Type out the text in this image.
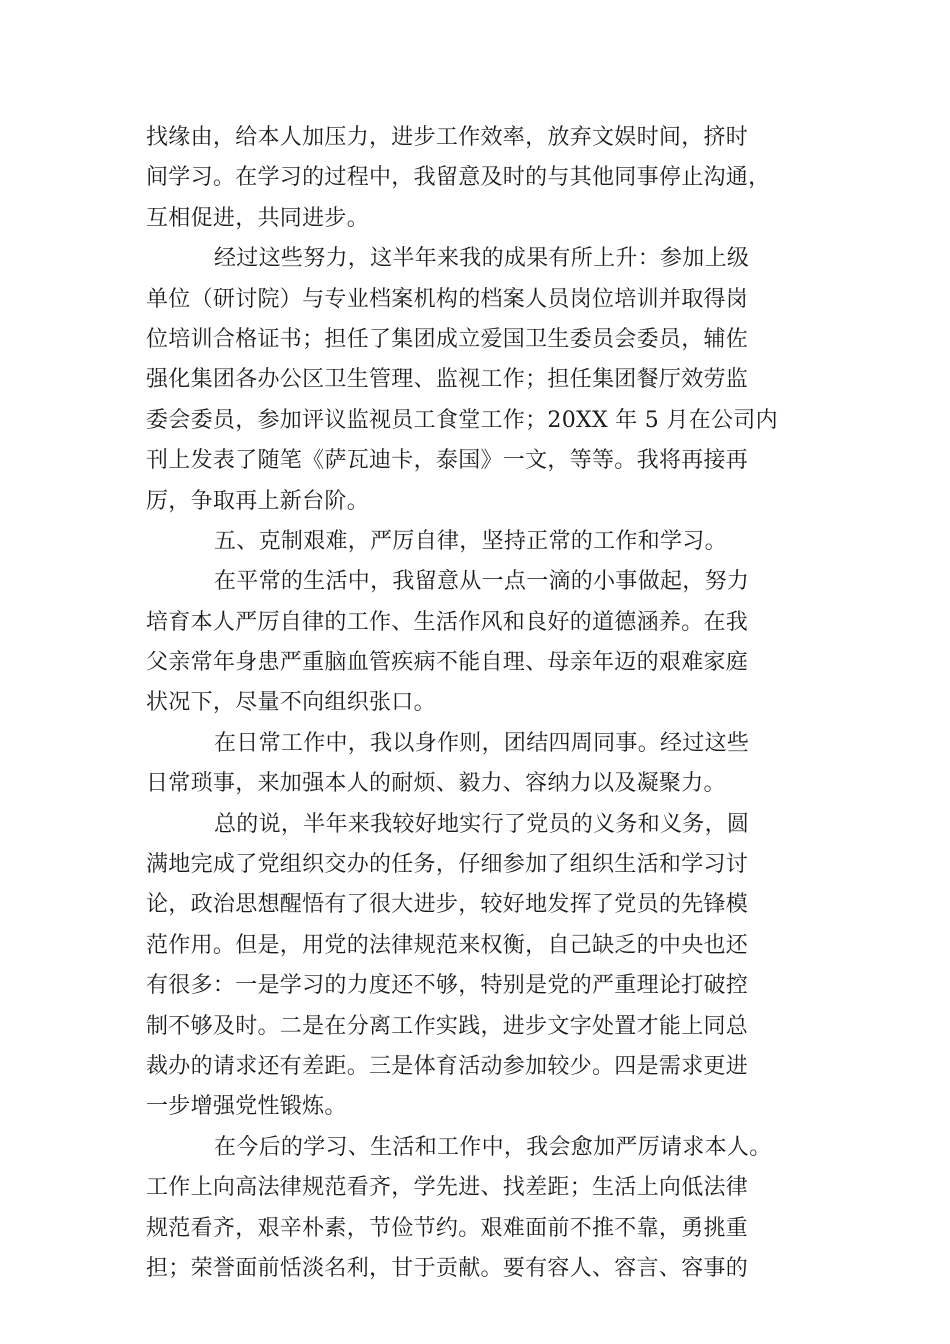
找缘由，给本人加压力，进步工作效率，放弃文娱时间，挤时
间学习。在学习的过程中，我留意及时的与其他同事停止沟通，
互相促进，共同进步。
经过这些努力，这半年来我的成果有所上升：参加上级
单位（研讨院）与专业档案机构的档案人员岗位培训并取得岗
位培训合格证书；担任了集团成立爱国卫生委员会委员，辅佐
强化集团各办公区卫生管理、监视工作；担任集团餐厅效劳监
委会委员，参加评议监视员工食堂工作；20XX 年 5 月在公司内
刊上发表了随笔《萨瓦迪卡，泰国》一文，等等。我将再接再
厉，争取再上新台阶。
五、克制艰难，严厉自律，坚持正常的工作和学习。
在平常的生活中，我留意从一点一滴的小事做起，努力
培育本人严厉自律的工作、生活作风和良好的道德涵养。在我
父亲常年身患严重脑血管疾病不能自理、母亲年迈的艰难家庭
状况下，尽量不向组织张口。
在日常工作中，我以身作则，团结四周同事。经过这些
日常琐事，来加强本人的耐烦、毅力、容纳力以及凝聚力。
总的说，半年来我较好地实行了党员的义务和义务，圆
满地完成了党组织交办的任务，仔细参加了组织生活和学习讨
论，政治思想醒悟有了很大进步，较好地发挥了党员的先锋模
范作用。但是，用党的法律规范来权衡，自己缺乏的中央也还
有很多：一是学习的力度还不够，特别是党的严重理论打破控
制不够及时。二是在分离工作实践，进步文字处置才能上同总
裁办的请求还有差距。三是体育活动参加较少。四是需求更进
一步增强党性锻炼。
在今后的学习、生活和工作中，我会愈加严厉请求本人。
工作上向高法律规范看齐，学先进、找差距；生活上向低法律
规范看齐，艰辛朴素，节俭节约。艰难面前不推不靠，勇挑重
担；荣誉面前恬淡名利，甘于贡献。要有容人、容言、容事的
